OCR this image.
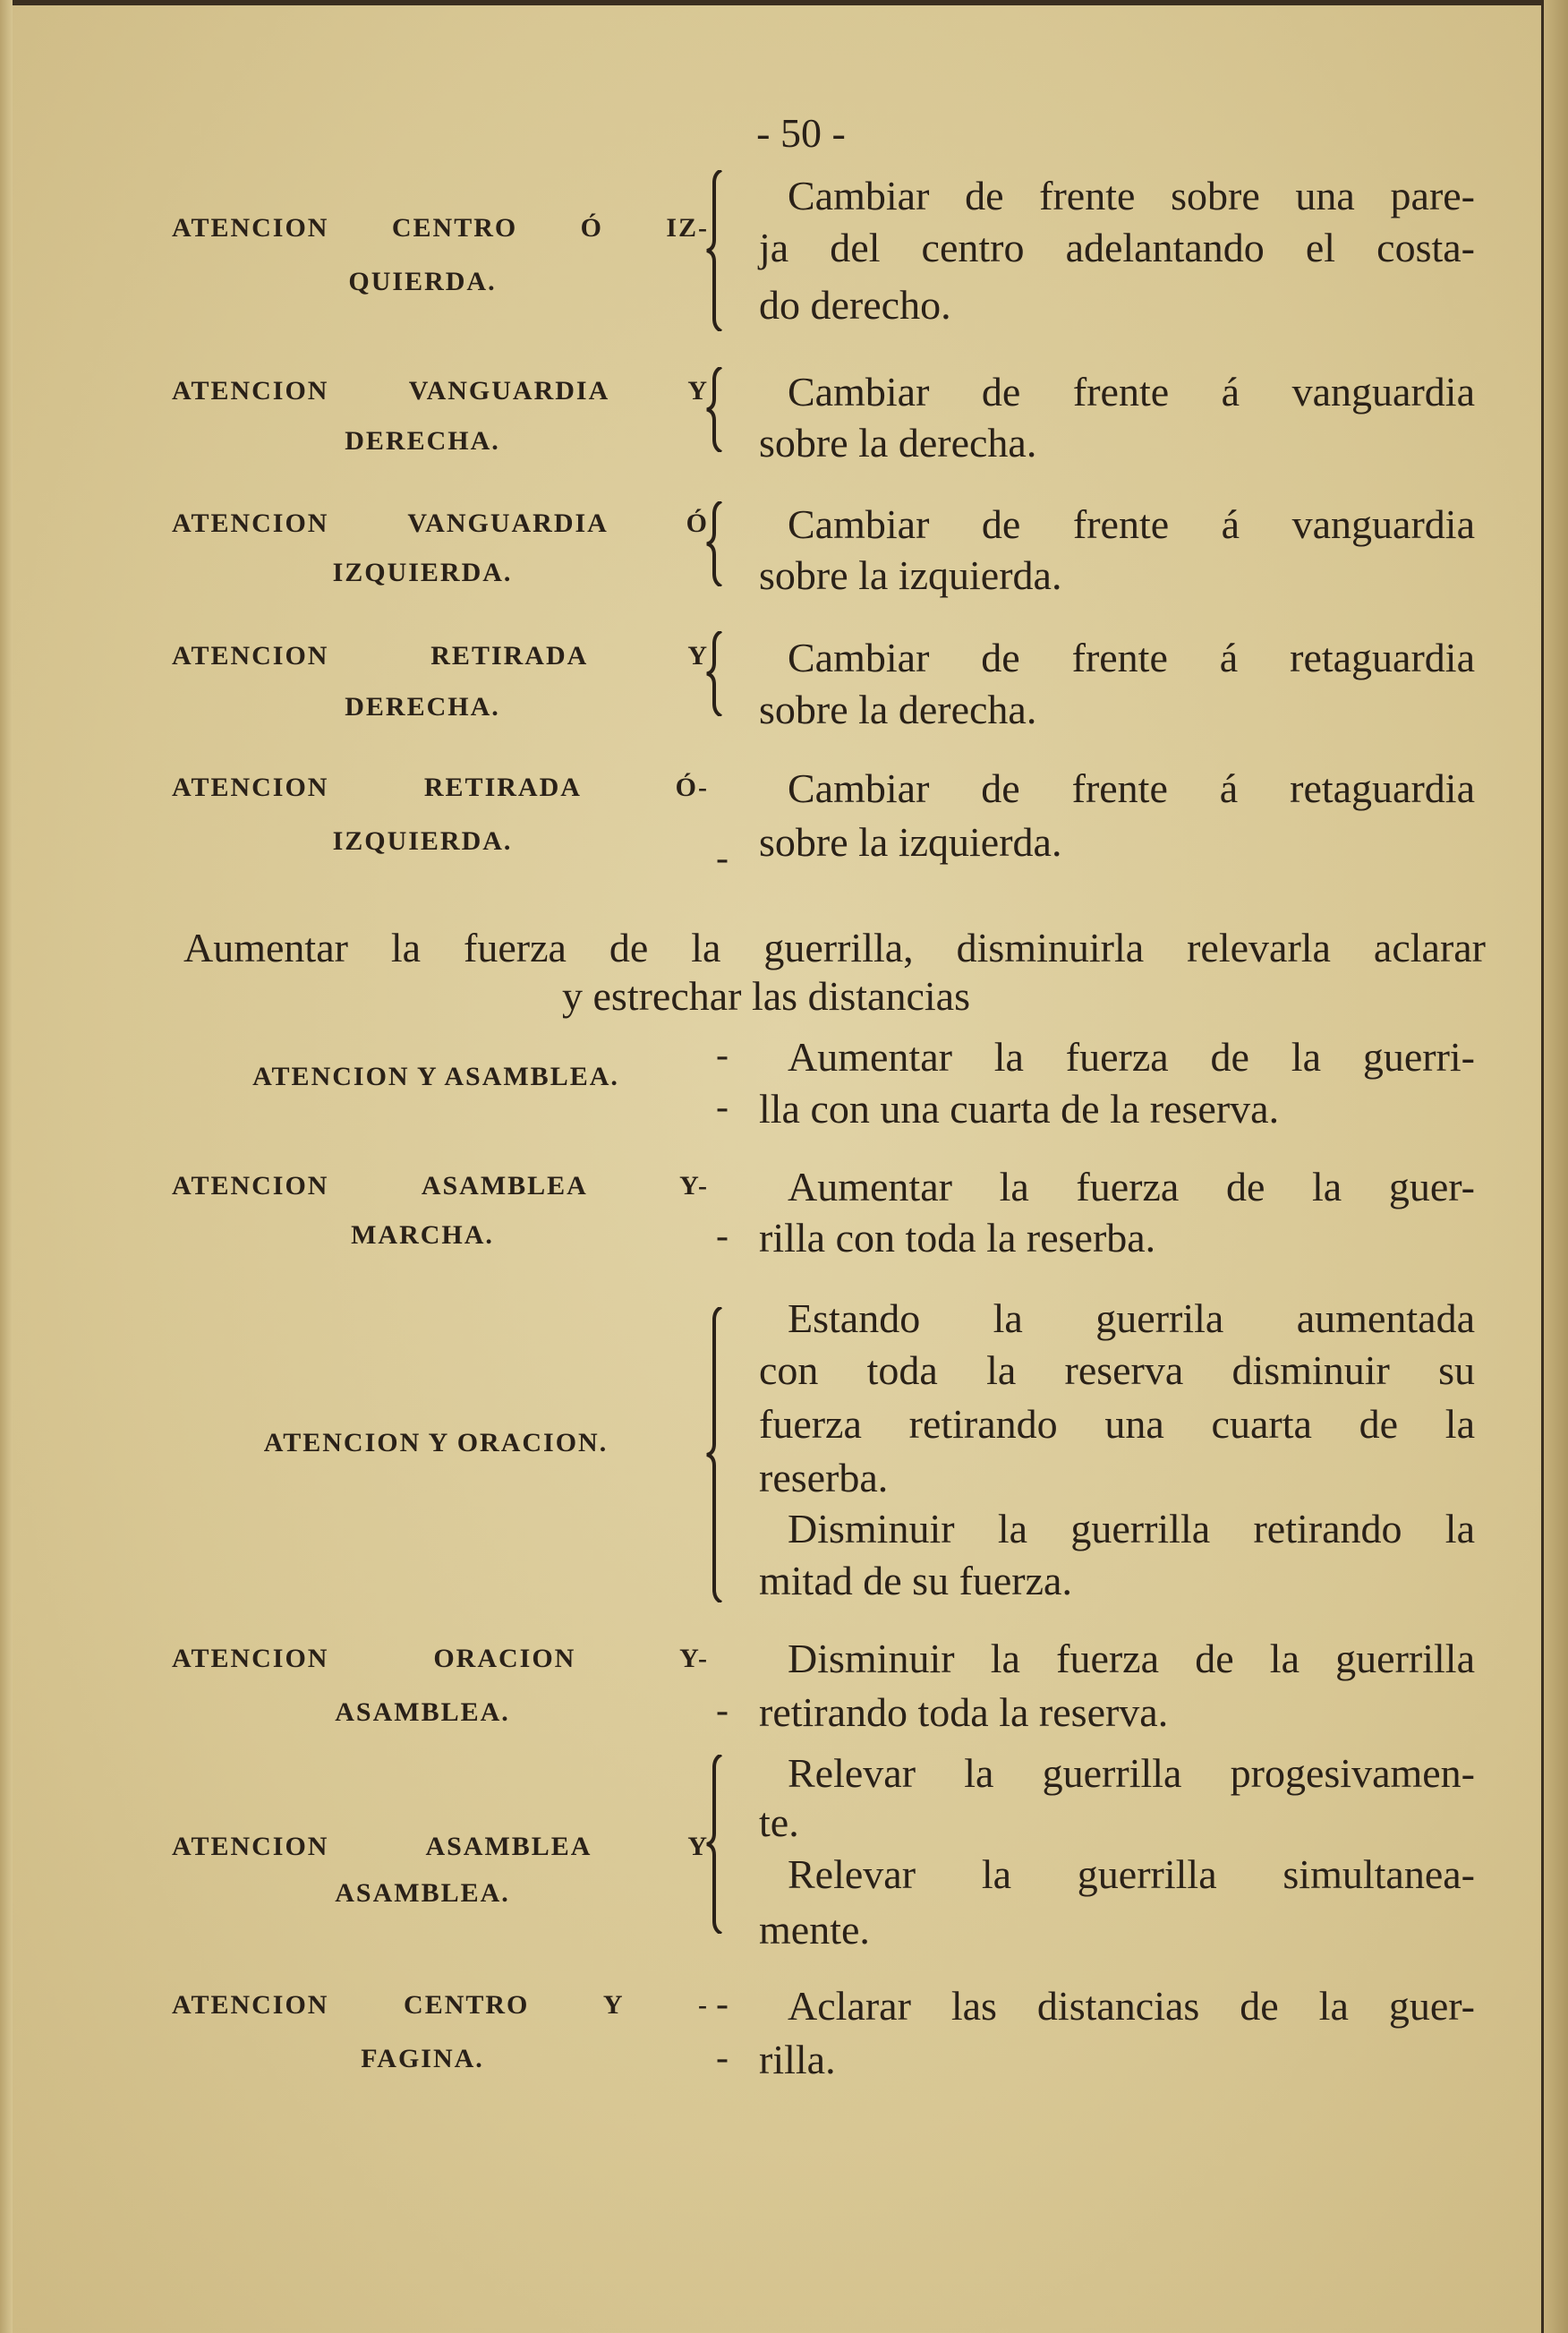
- 50 -
Aumentar la fuerza de la guerrilla, disminuirla relevarla aclarar
y estrechar las distancias
ATENCION CENTRO Ó IZ-
QUIERDA.
Cambiar de frente sobre una pare-
ja del centro adelantando el costa-
do derecho.
ATENCION VANGUARDIA Y
DERECHA.
Cambiar de frente á vanguardia
sobre la derecha.
ATENCION VANGUARDIA Ó
IZQUIERDA.
Cambiar de frente á vanguardia
sobre la izquierda.
ATENCION RETIRADA Y
DERECHA.
Cambiar de frente á retaguardia
sobre la derecha.
ATENCION RETIRADA Ó-
IZQUIERDA.
Cambiar de frente á retaguardia
sobre la izquierda.
-
ATENCION Y ASAMBLEA.	Aumentar la fuerza de la guerri-
lla con una cuarta de la reserva.
-
-
ATENCION ASAMBLEA Y-
MARCHA.
Aumentar la fuerza de la guer-
rilla con toda la reserba.
-
ATENCION Y ORACION.
Estando la guerrila aumentada
con toda la reserva disminuir su
fuerza retirando una cuarta de la
reserba.
Disminuir la guerrilla retirando la
mitad de su fuerza.
ATENCION ORACION Y-
ASAMBLEA.
Disminuir la fuerza de la guerrilla
retirando toda la reserva.
-
ATENCION ASAMBLEA Y
ASAMBLEA.
Relevar la guerrilla progesivamen-
te.
Relevar la guerrilla simultanea-
mente.
ATENCION CENTRO Y -
FAGINA.
Aclarar las distancias de la guer-
rilla.
-
-
